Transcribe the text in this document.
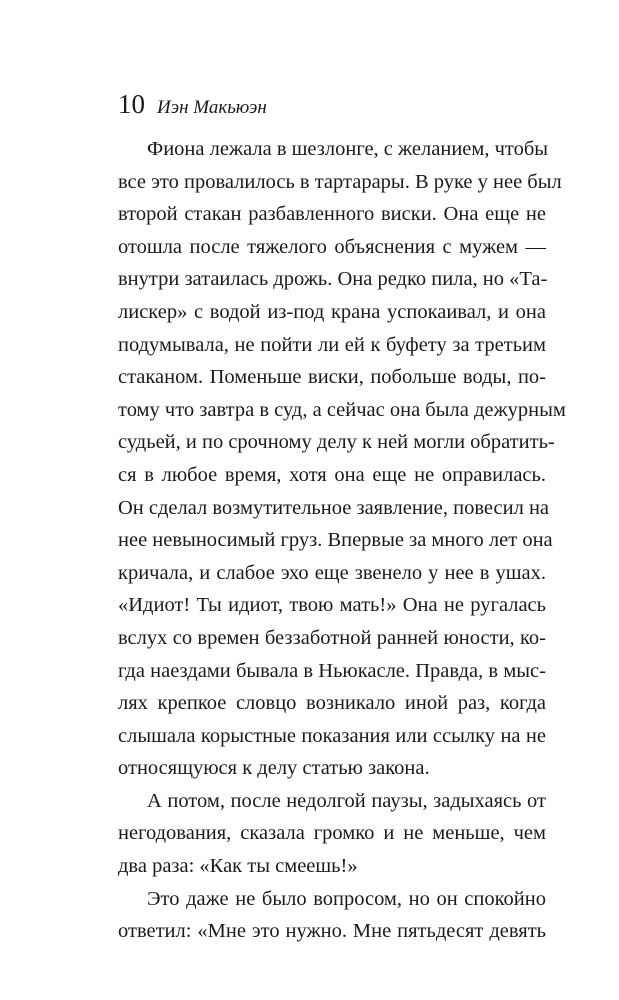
10 Иэн Макьюэн
Фиона лежала в шезлонге, с желанием, чтобы
все это провалилось в тартарары. В руке у нее был
второй стакан разбавленного виски. Она еще не
отошла после тяжелого объяснения с мужем —
внутри затаилась дрожь. Она редко пила, но «Та-
лискер» с водой из-под крана успокаивал, и она
подумывала, не пойти ли ей к буфету за третьим
стаканом. Поменьше виски, побольше воды, по-
тому что завтра в суд, а сейчас она была дежурным
судьей, и по срочному делу к ней могли обратить-
ся в любое время, хотя она еще не оправилась.
Он сделал возмутительное заявление, повесил на
нее невыносимый груз. Впервые за много лет она
кричала, и слабое эхо еще звенело у нее в ушах.
«Идиот! Ты идиот, твою мать!» Она не ругалась
вслух со времен беззаботной ранней юности, ко-
гда наездами бывала в Ньюкасле. Правда, в мыс-
лях крепкое словцо возникало иной раз, когда
слышала корыстные показания или ссылку на не
относящуюся к делу статью закона.
А потом, после недолгой паузы, задыхаясь от
негодования, сказала громко и не меньше, чем
два раза: «Как ты смеешь!»
Это даже не было вопросом, но он спокойно
ответил: «Мне это нужно. Мне пятьдесят девять
